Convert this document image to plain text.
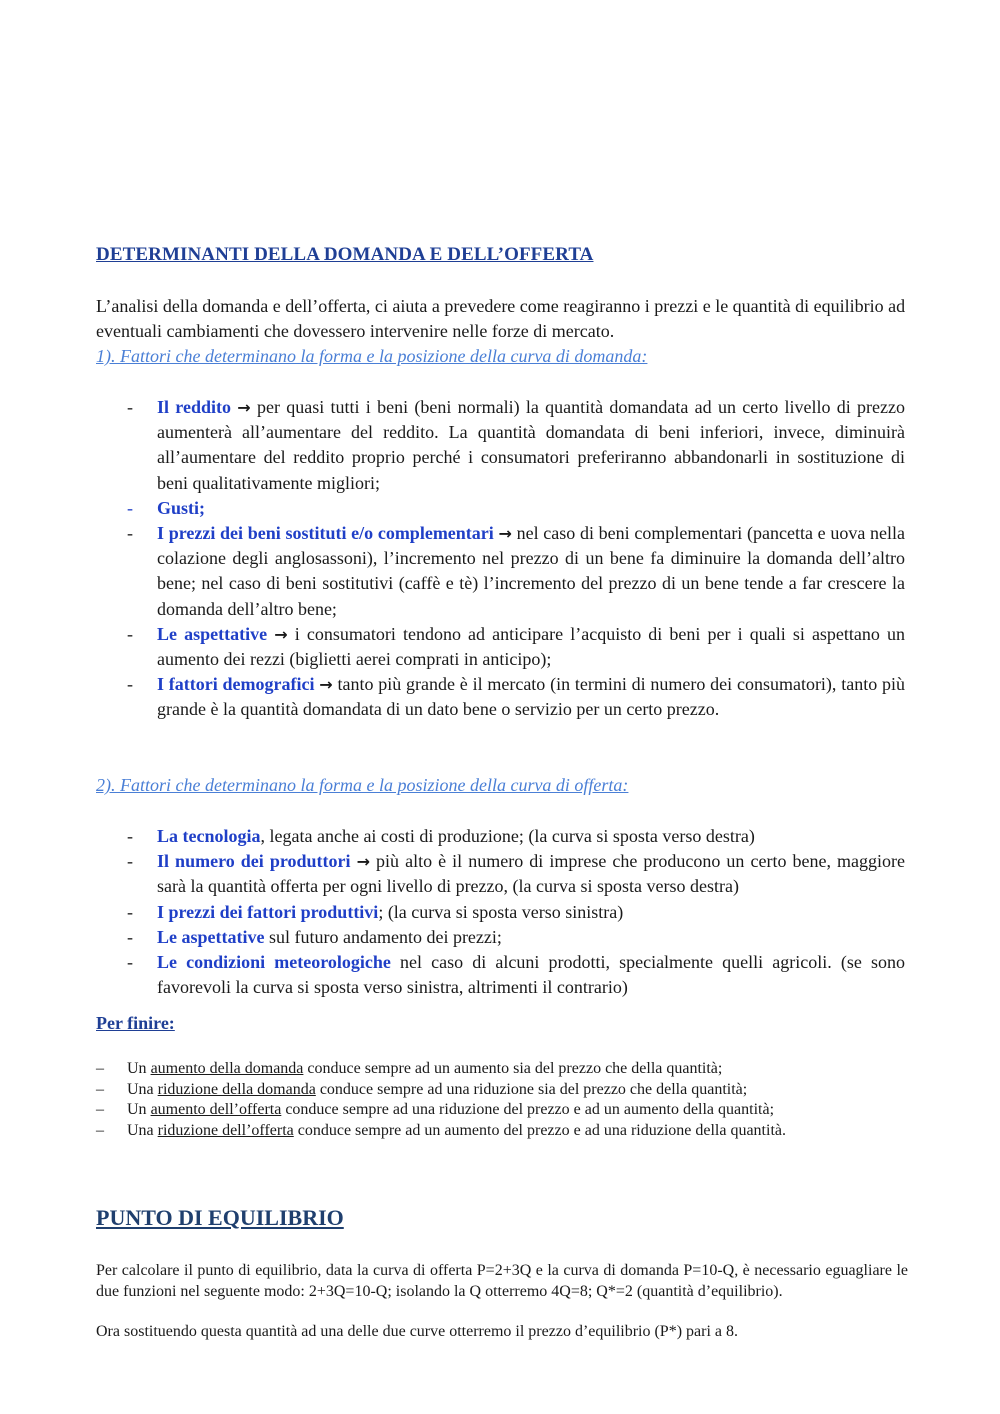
DETERMINANTI DELLA DOMANDA E DELL’OFFERTA

L’analisi della domanda e dell’offerta, ci aiuta a prevedere come reagiranno i prezzi e le quantità di equilibrio ad eventuali cambiamenti che dovessero intervenire nelle forze di mercato.

1). Fattori che determinano la forma e la posizione della curva di domanda:

- Il reddito → per quasi tutti i beni (beni normali) la quantità domandata ad un certo livello di prezzo aumenterà all’aumentare del reddito. La quantità domandata di beni inferiori, invece, diminuirà all’aumentare del reddito proprio perché i consumatori preferiranno abbandonarli in sostituzione di beni qualitativamente migliori;
- Gusti;
- I prezzi dei beni sostituti e/o complementari → nel caso di beni complementari (pancetta e uova nella colazione degli anglosassoni), l’incremento nel prezzo di un bene fa diminuire la domanda dell’altro bene; nel caso di beni sostitutivi (caffè e tè) l’incremento del prezzo di un bene tende a far crescere la domanda dell’altro bene;
- Le aspettative → i consumatori tendono ad anticipare l’acquisto di beni per i quali si aspettano un aumento dei rezzi (biglietti aerei comprati in anticipo);
- I fattori demografici → tanto più grande è il mercato (in termini di numero dei consumatori), tanto più grande è la quantità domandata di un dato bene o servizio per un certo prezzo.

2). Fattori che determinano la forma e la posizione della curva di offerta:

- La tecnologia, legata anche ai costi di produzione; (la curva si sposta verso destra)
- Il numero dei produttori → più alto è il numero di imprese che producono un certo bene, maggiore sarà la quantità offerta per ogni livello di prezzo, (la curva si sposta verso destra)
- I prezzi dei fattori produttivi; (la curva si sposta verso sinistra)
- Le aspettative sul futuro andamento dei prezzi;
- Le condizioni meteorologiche nel caso di alcuni prodotti, specialmente quelli agricoli. (se sono favorevoli la curva si sposta verso sinistra, altrimenti il contrario)
Per finire:
– Un aumento della domanda conduce sempre ad un aumento sia del prezzo che della quantità;
– Una riduzione della domanda conduce sempre ad una riduzione sia del prezzo che della quantità;
– Un aumento dell’offerta conduce sempre ad una riduzione del prezzo e ad un aumento della quantità;
– Una riduzione dell’offerta conduce sempre ad un aumento del prezzo e ad una riduzione della quantità.
PUNTO DI EQUILIBRIO

Per calcolare il punto di equilibrio, data la curva di offerta P=2+3Q e la curva di domanda P=10-Q, è necessario eguagliare le due funzioni nel seguente modo: 2+3Q=10-Q; isolando la Q otterremo 4Q=8; Q*=2 (quantità d’equilibrio).

Ora sostituendo questa quantità ad una delle due curve otterremo il prezzo d’equilibrio (P*) pari a 8.
